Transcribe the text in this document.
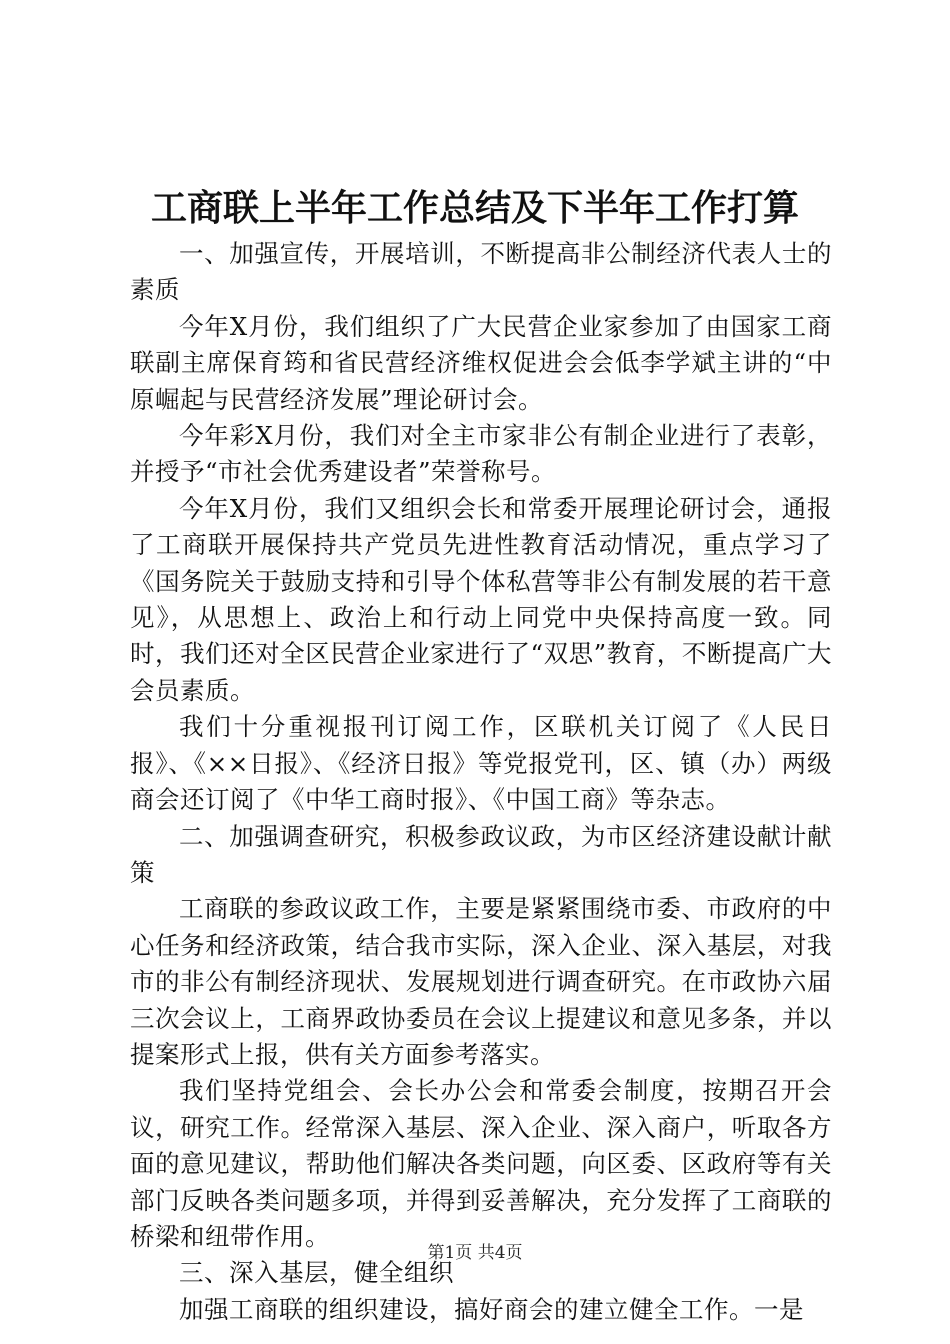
工商联上半年工作总结及下半年工作打算

一、加强宣传，开展培训，不断提高非公制经济代表人士的素质

今年X月份，我们组织了广大民营企业家参加了由国家工商联副主席保育筠和省民营经济维权促进会会低李学斌主讲的“中原崛起与民营经济发展”理论研讨会。

今年彩X月份，我们对全主市家非公有制企业进行了表彰，并授予“市社会优秀建设者”荣誉称号。

今年X月份，我们又组织会长和常委开展理论研讨会，通报了工商联开展保持共产党员先进性教育活动情况，重点学习了《国务院关于鼓励支持和引导个体私营等非公有制发展的若干意见》，从思想上、政治上和行动上同党中央保持高度一致。同时，我们还对全区民营企业家进行了“双思”教育，不断提高广大会员素质。

我们十分重视报刊订阅工作，区联机关订阅了《人民日报》、《××日报》、《经济日报》等党报党刊，区、镇（办）两级商会还订阅了《中华工商时报》、《中国工商》等杂志。

二、加强调查研究，积极参政议政，为市区经济建设献计献策

工商联的参政议政工作，主要是紧紧围绕市委、市政府的中心任务和经济政策，结合我市实际，深入企业、深入基层，对我市的非公有制经济现状、发展规划进行调查研究。在市政协六届三次会议上，工商界政协委员在会议上提建议和意见多条，并以提案形式上报，供有关方面参考落实。

我们坚持党组会、会长办公会和常委会制度，按期召开会议，研究工作。经常深入基层、深入企业、深入商户，听取各方面的意见建议，帮助他们解决各类问题，向区委、区政府等有关部门反映各类问题多项，并得到妥善解决，充分发挥了工商联的桥梁和纽带作用。

三、深入基层，健全组织

加强工商联的组织建设，搞好商会的建立健全工作。一是

第1页 共4页
